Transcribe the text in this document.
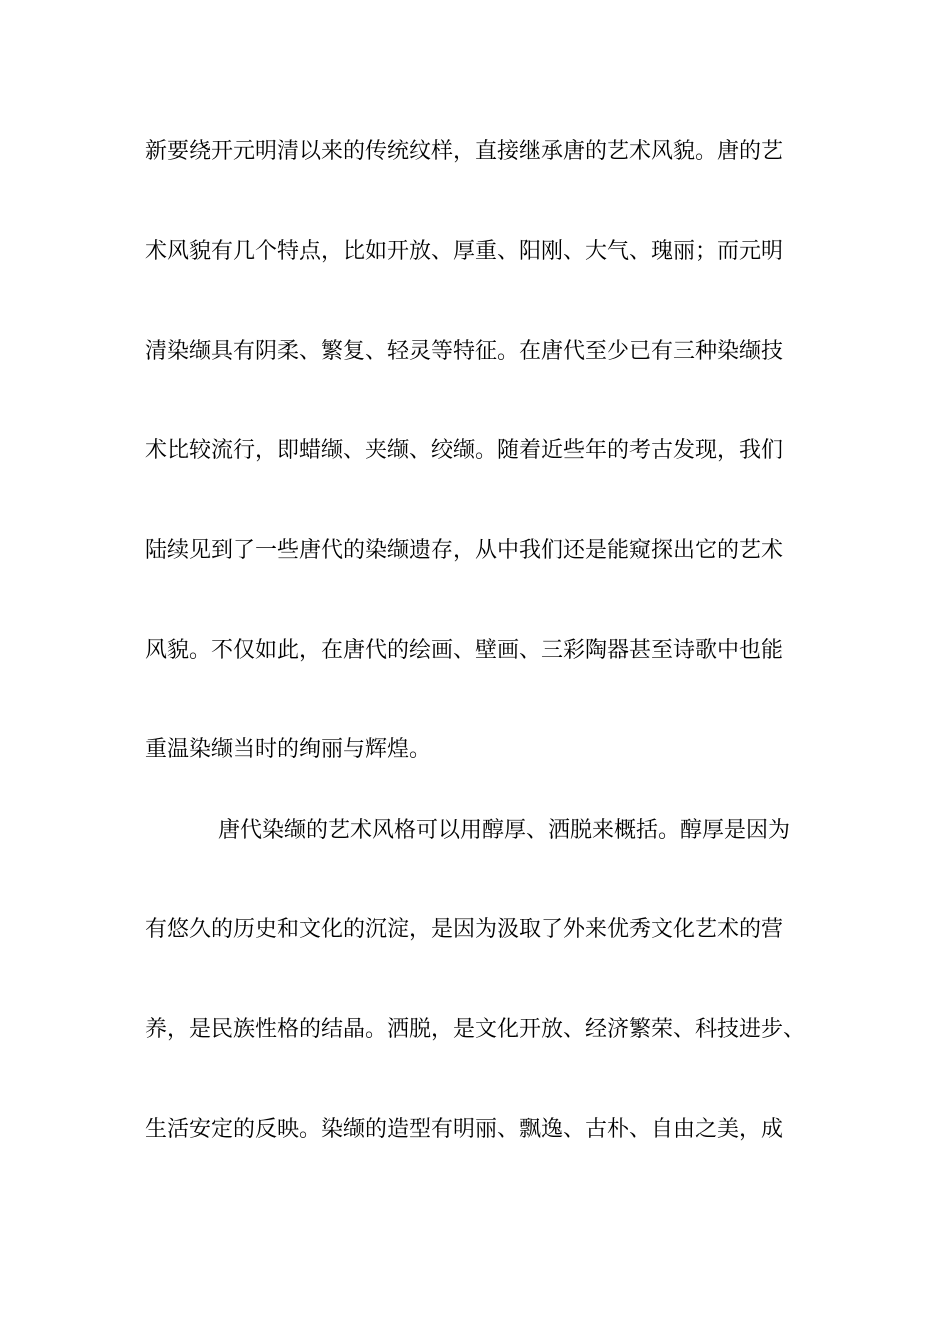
新要绕开元明清以来的传统纹样，直接继承唐的艺术风貌。唐的艺
术风貌有几个特点，比如开放、厚重、阳刚、大气、瑰丽；而元明
清染缬具有阴柔、繁复、轻灵等特征。在唐代至少已有三种染缬技
术比较流行，即蜡缬、夹缬、绞缬。随着近些年的考古发现，我们
陆续见到了一些唐代的染缬遗存，从中我们还是能窥探出它的艺术
风貌。不仅如此，在唐代的绘画、壁画、三彩陶器甚至诗歌中也能
重温染缬当时的绚丽与辉煌。
唐代染缬的艺术风格可以用醇厚、洒脱来概括。醇厚是因为
有悠久的历史和文化的沉淀，是因为汲取了外来优秀文化艺术的营
养，是民族性格的结晶。洒脱，是文化开放、经济繁荣、科技进步、
生活安定的反映。染缬的造型有明丽、飘逸、古朴、自由之美，成
